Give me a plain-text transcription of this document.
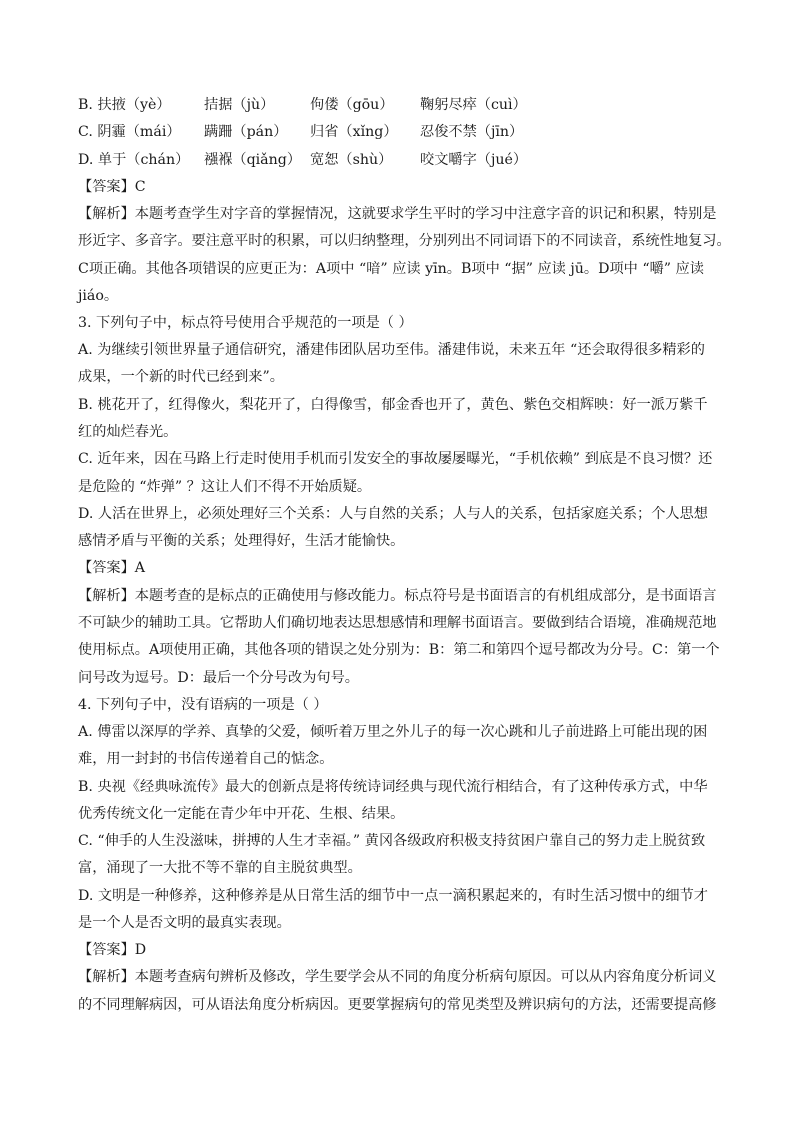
B. 扶掖（yè） 拮据（jù）	佝偻（gōu） 鞠躬尽瘁（cuì）
C. 阴霾（mái） 蹒跚（pán） 归省（xǐng） 忍俊不禁（jīn）
D. 单于（chán） 襁褓（qiǎng） 宽恕（shù） 咬文嚼字（jué）
【答案】C
【解析】本题考查学生对字音的掌握情况，这就要求学生平时的学习中注意字音的识记和积累，特别是
形近字、多音字。要注意平时的积累，可以归纳整理，分别列出不同词语下的不同读音，系统性地复习。
C项正确。其他各项错误的应更正为：A项中 “喑” 应读 yīn。B项中 “据” 应读 jū。D项中 “嚼” 应读
jiáo。
3. 下列句子中，标点符号使用合乎规范的一项是（ ）
A. 为继续引领世界量子通信研究，潘建伟团队居功至伟。潘建伟说，未来五年 “还会取得很多精彩的
成果，一个新的时代已经到来”。
B. 桃花开了，红得像火，梨花开了，白得像雪，郁金香也开了，黄色、紫色交相辉映：好一派万紫千
红的灿烂春光。
C. 近年来，因在马路上行走时使用手机而引发安全的事故屡屡曝光，“手机依赖” 到底是不良习惯？还
是危险的 “炸弹” ？这让人们不得不开始质疑。
D. 人活在世界上，必须处理好三个关系：人与自然的关系；人与人的关系，包括家庭关系；个人思想
感情矛盾与平衡的关系；处理得好，生活才能愉快。
【答案】A
【解析】本题考查的是标点的正确使用与修改能力。标点符号是书面语言的有机组成部分，是书面语言
不可缺少的辅助工具。它帮助人们确切地表达思想感情和理解书面语言。要做到结合语境，准确规范地
使用标点。A项使用正确，其他各项的错误之处分别为：B：第二和第四个逗号都改为分号。C：第一个
问号改为逗号。D：最后一个分号改为句号。
4. 下列句子中，没有语病的一项是（ ）
A. 傅雷以深厚的学养、真挚的父爱，倾听着万里之外儿子的每一次心跳和儿子前进路上可能出现的困
难，用一封封的书信传递着自己的惦念。
B. 央视《经典咏流传》最大的创新点是将传统诗词经典与现代流行相结合，有了这种传承方式，中华
优秀传统文化一定能在青少年中开花、生根、结果。
C. “伸手的人生没滋味，拼搏的人生才幸福。” 黄冈各级政府积极支持贫困户靠自己的努力走上脱贫致
富，涌现了一大批不等不靠的自主脱贫典型。
D. 文明是一种修养，这种修养是从日常生活的细节中一点一滴积累起来的，有时生活习惯中的细节才
是一个人是否文明的最真实表现。
【答案】D
【解析】本题考查病句辨析及修改，学生要学会从不同的角度分析病句原因。可以从内容角度分析词义
的不同理解病因，可从语法角度分析病因。更要掌握病句的常见类型及辨识病句的方法，还需要提高修
